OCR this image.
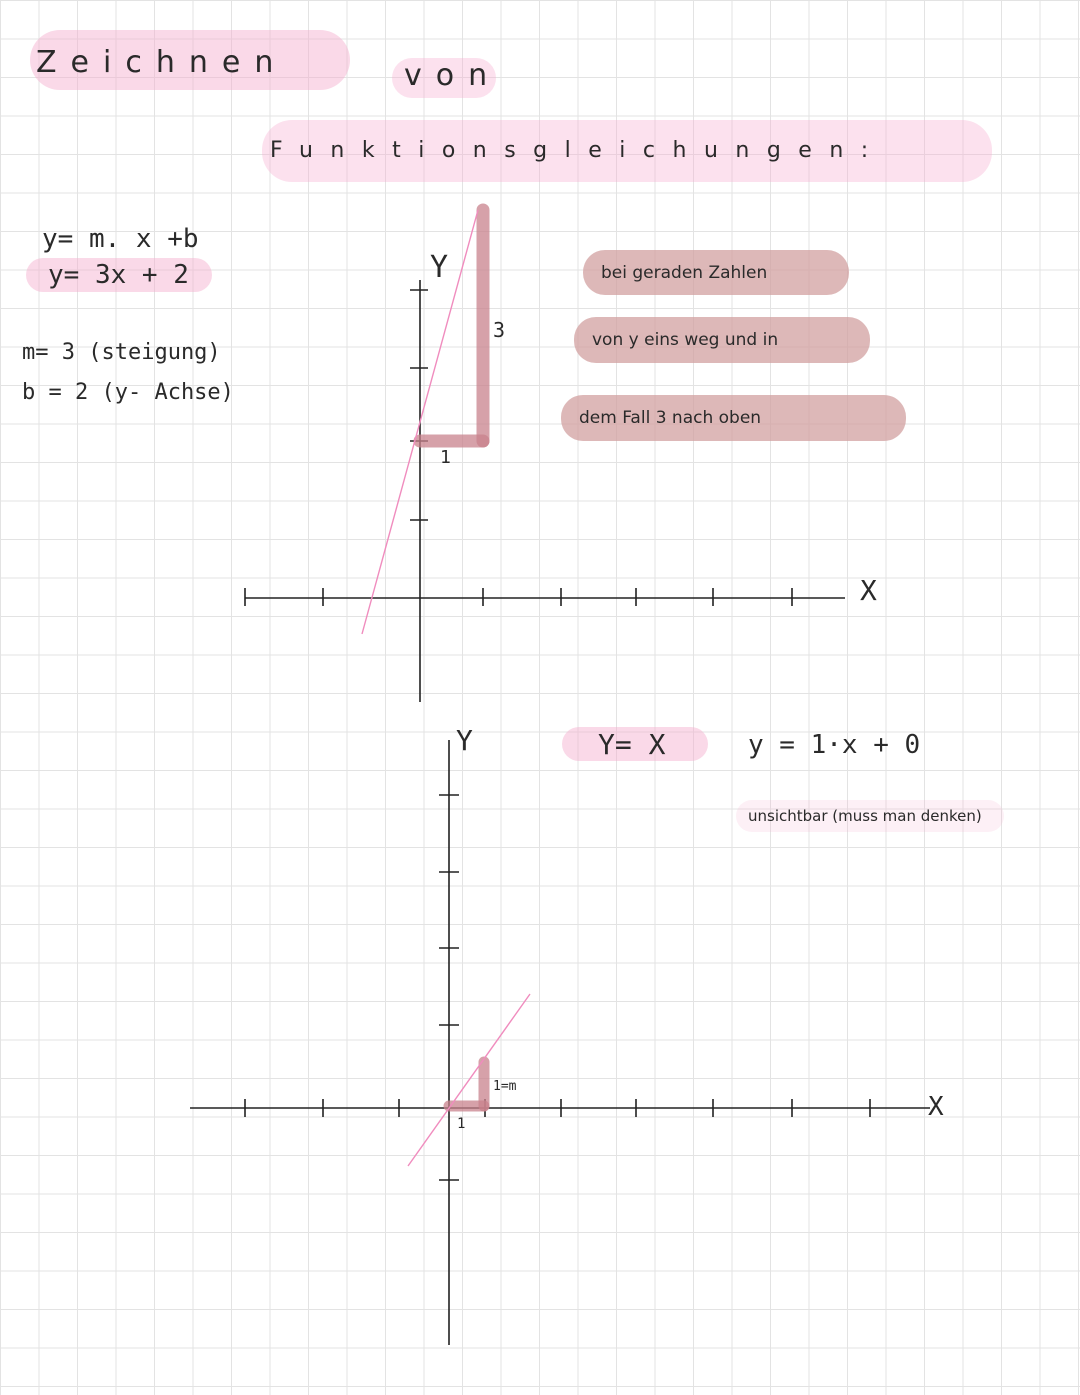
Zeichnen	von
Funktionsgleichungen:
y= m. x +b
y= 3x + 2
m= 3 (steigung)
b = 2 (y- Achse)
bei geraden Zahlen
von y eins weg und in
dem Fall 3 nach oben
Y
X
1
3
Y
X
1
1=m
Y= X	y = 1·x + 0
unsichtbar (muss man denken)
